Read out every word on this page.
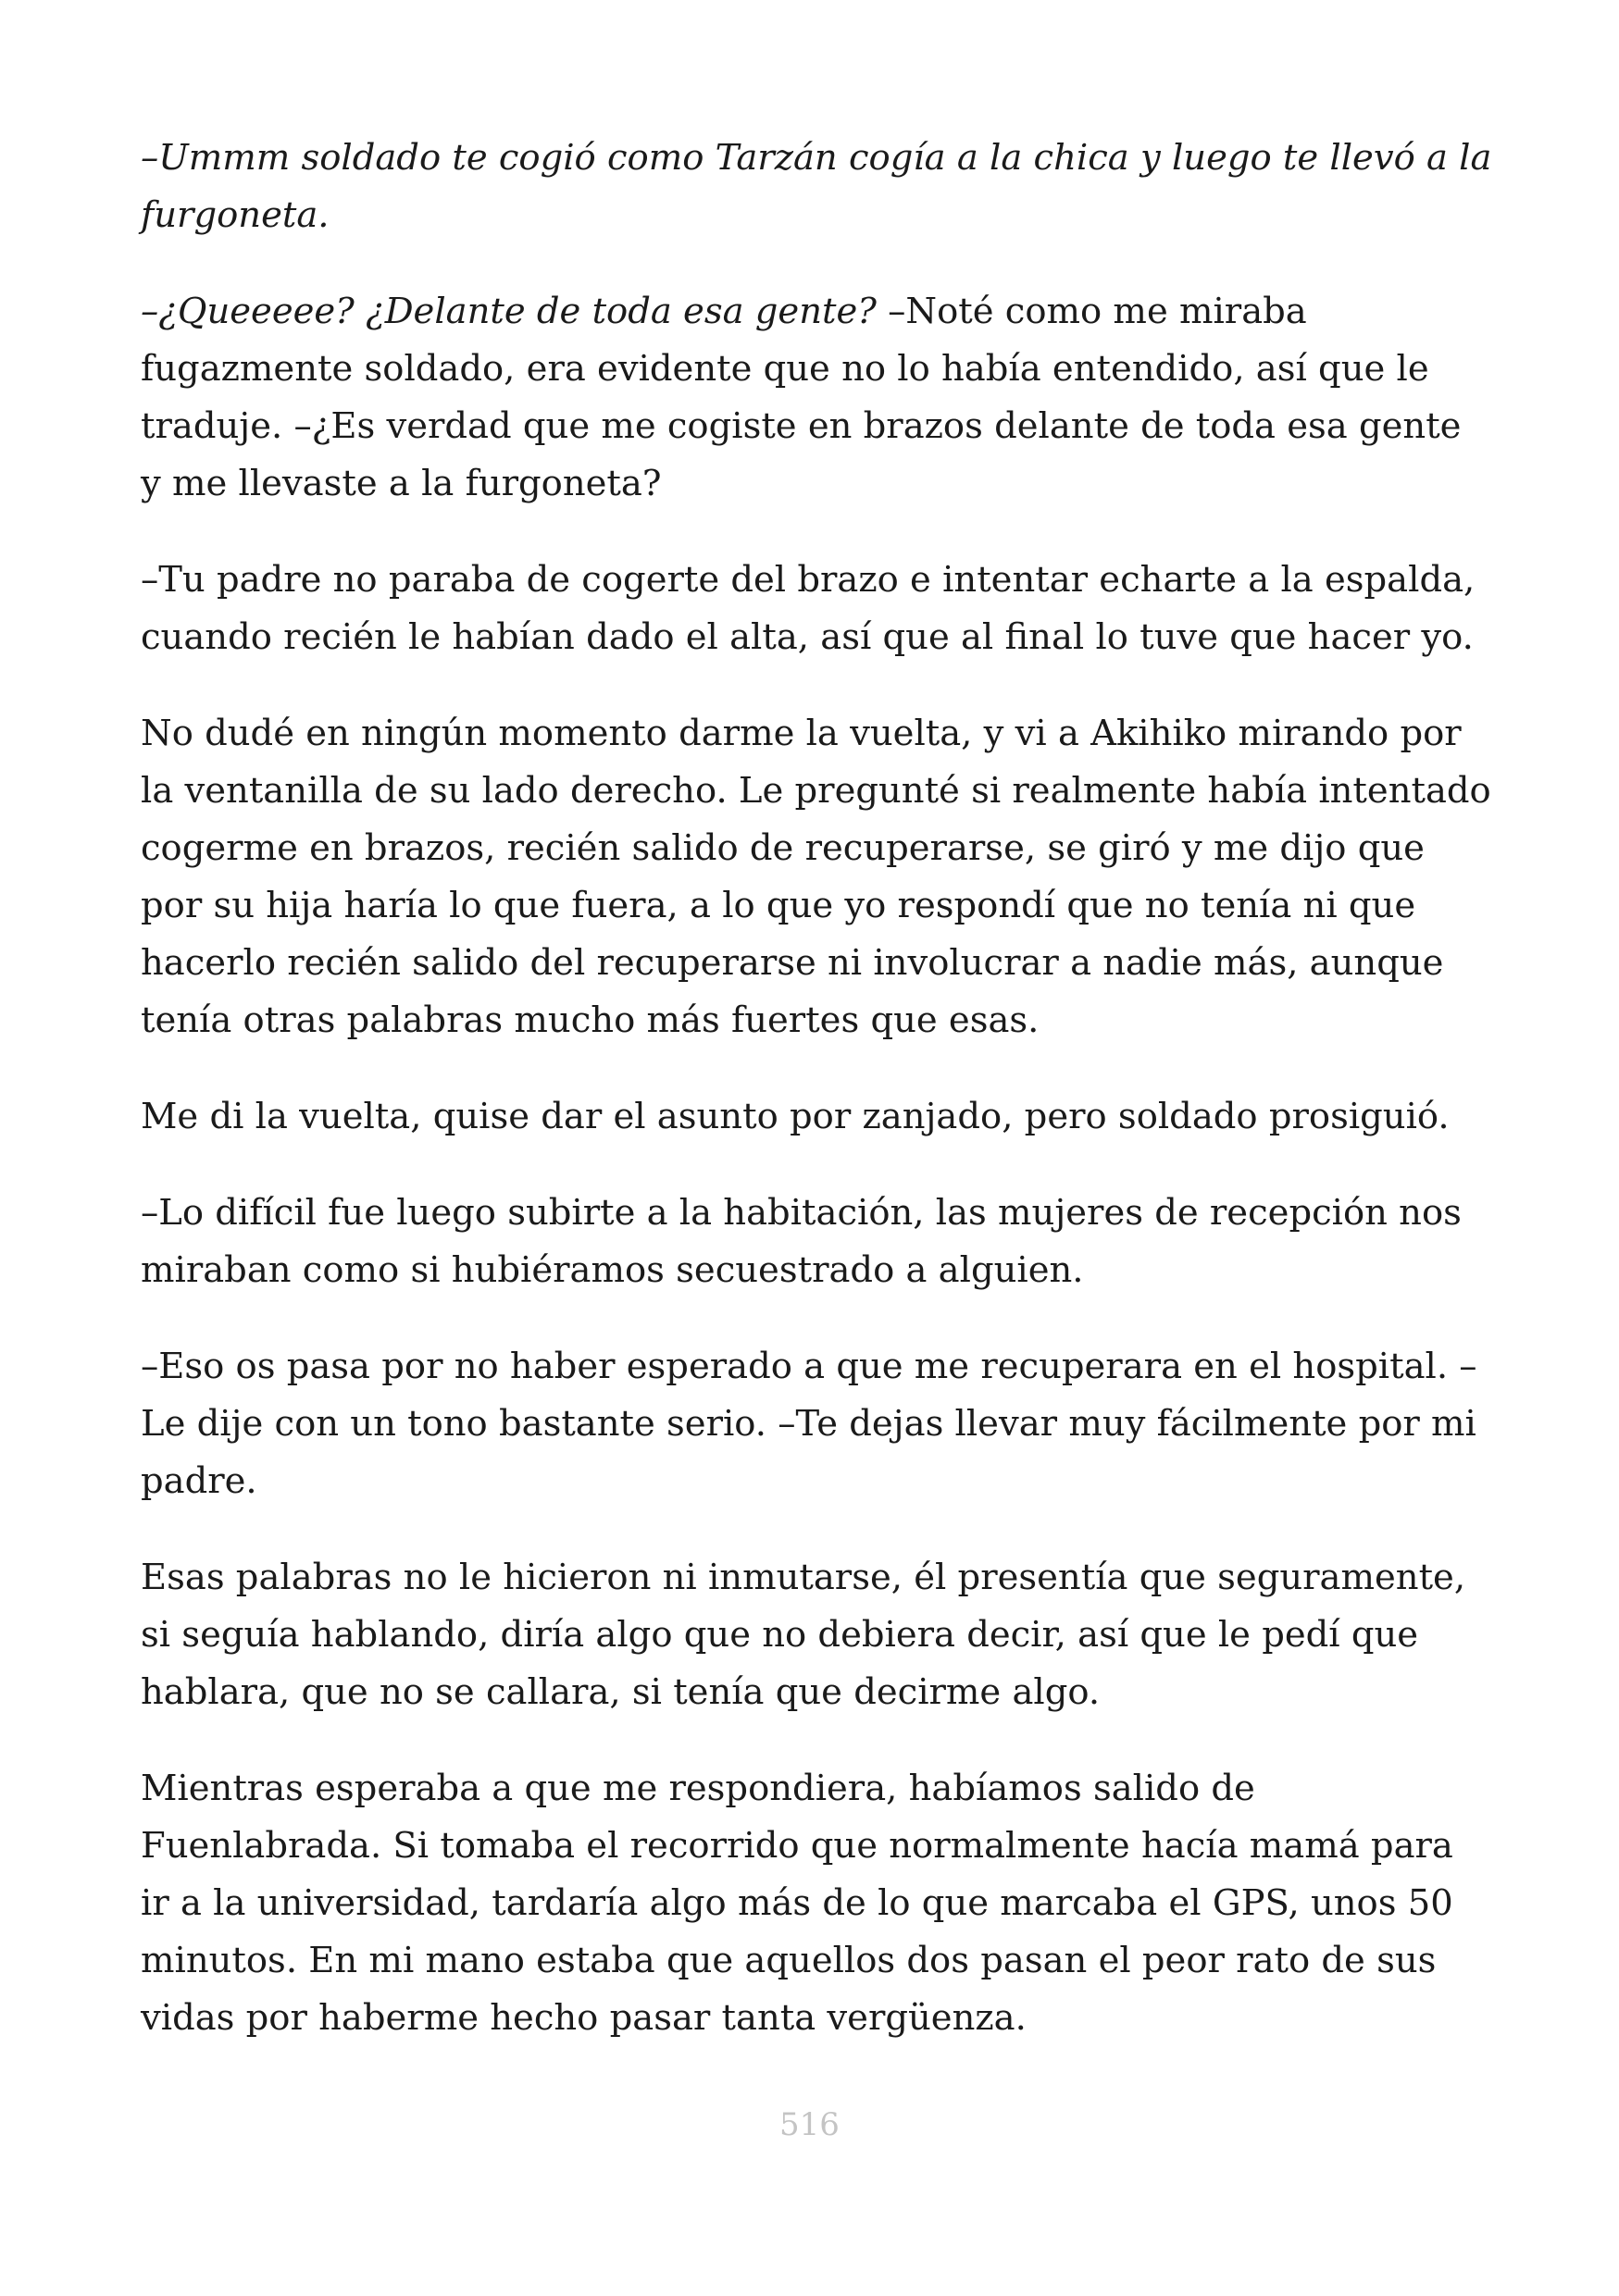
–Ummm soldado te cogió como Tarzán cogía a la chica y luego te llevó a la furgoneta.

–¿Queeeee? ¿Delante de toda esa gente? –Noté como me miraba fugazmente soldado, era evidente que no lo había entendido, así que le traduje. –¿Es verdad que me cogiste en brazos delante de toda esa gente y me llevaste a la furgoneta?

–Tu padre no paraba de cogerte del brazo e intentar echarte a la espalda, cuando recién le habían dado el alta, así que al final lo tuve que hacer yo.

No dudé en ningún momento darme la vuelta, y vi a Akihiko mirando por la ventanilla de su lado derecho. Le pregunté si realmente había intentado cogerme en brazos, recién salido de recuperarse, se giró y me dijo que por su hija haría lo que fuera, a lo que yo respondí que no tenía ni que hacerlo recién salido del recuperarse ni involucrar a nadie más, aunque tenía otras palabras mucho más fuertes que esas.

Me di la vuelta, quise dar el asunto por zanjado, pero soldado prosiguió.

–Lo difícil fue luego subirte a la habitación, las mujeres de recepción nos miraban como si hubiéramos secuestrado a alguien.

–Eso os pasa por no haber esperado a que me recuperara en el hospital. –Le dije con un tono bastante serio. –Te dejas llevar muy fácilmente por mi padre.

Esas palabras no le hicieron ni inmutarse, él presentía que seguramente, si seguía hablando, diría algo que no debiera decir, así que le pedí que hablara, que no se callara, si tenía que decirme algo.

Mientras esperaba a que me respondiera, habíamos salido de Fuenlabrada. Si tomaba el recorrido que normalmente hacía mamá para ir a la universidad, tardaría algo más de lo que marcaba el GPS, unos 50 minutos. En mi mano estaba que aquellos dos pasan el peor rato de sus vidas por haberme hecho pasar tanta vergüenza.

516
